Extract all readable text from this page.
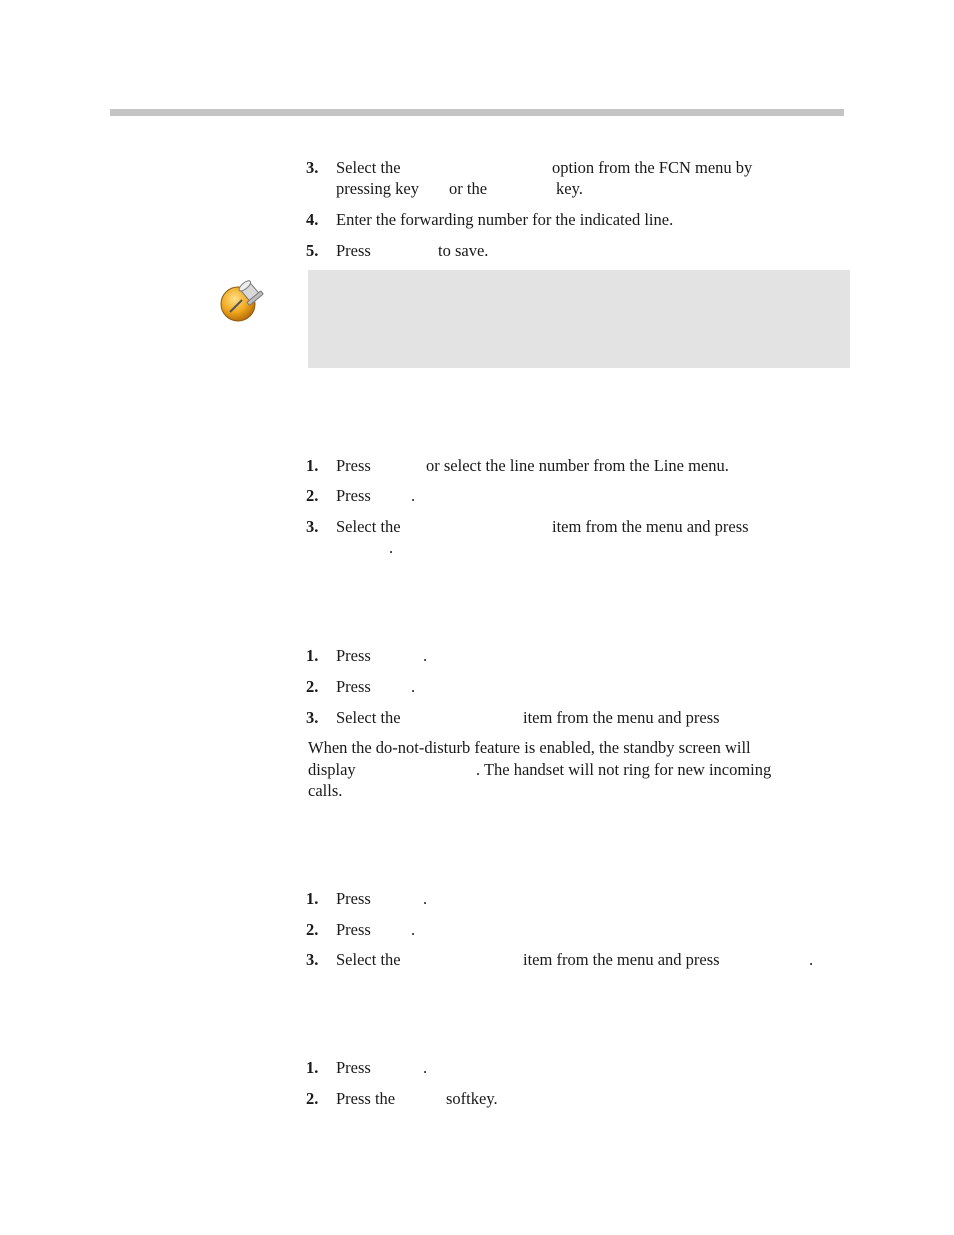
3. Select the	option from the FCN menu by
pressing key or the	key.
4. Enter the forwarding number for the indicated line.
5. Press	to save.
1. Press	or select the line number from the Line menu.
2. Press .
3. Select the	item from the menu and press
.
1. Press	.
2. Press .
3. Select the	item from the menu and press
When the do-not-disturb feature is enabled, the standby screen will
display	. The handset will not ring for new incoming
calls.
1. Press	.
2. Press .
3. Select the	item from the menu and press	.
1. Press	.
2. Press the	softkey.
